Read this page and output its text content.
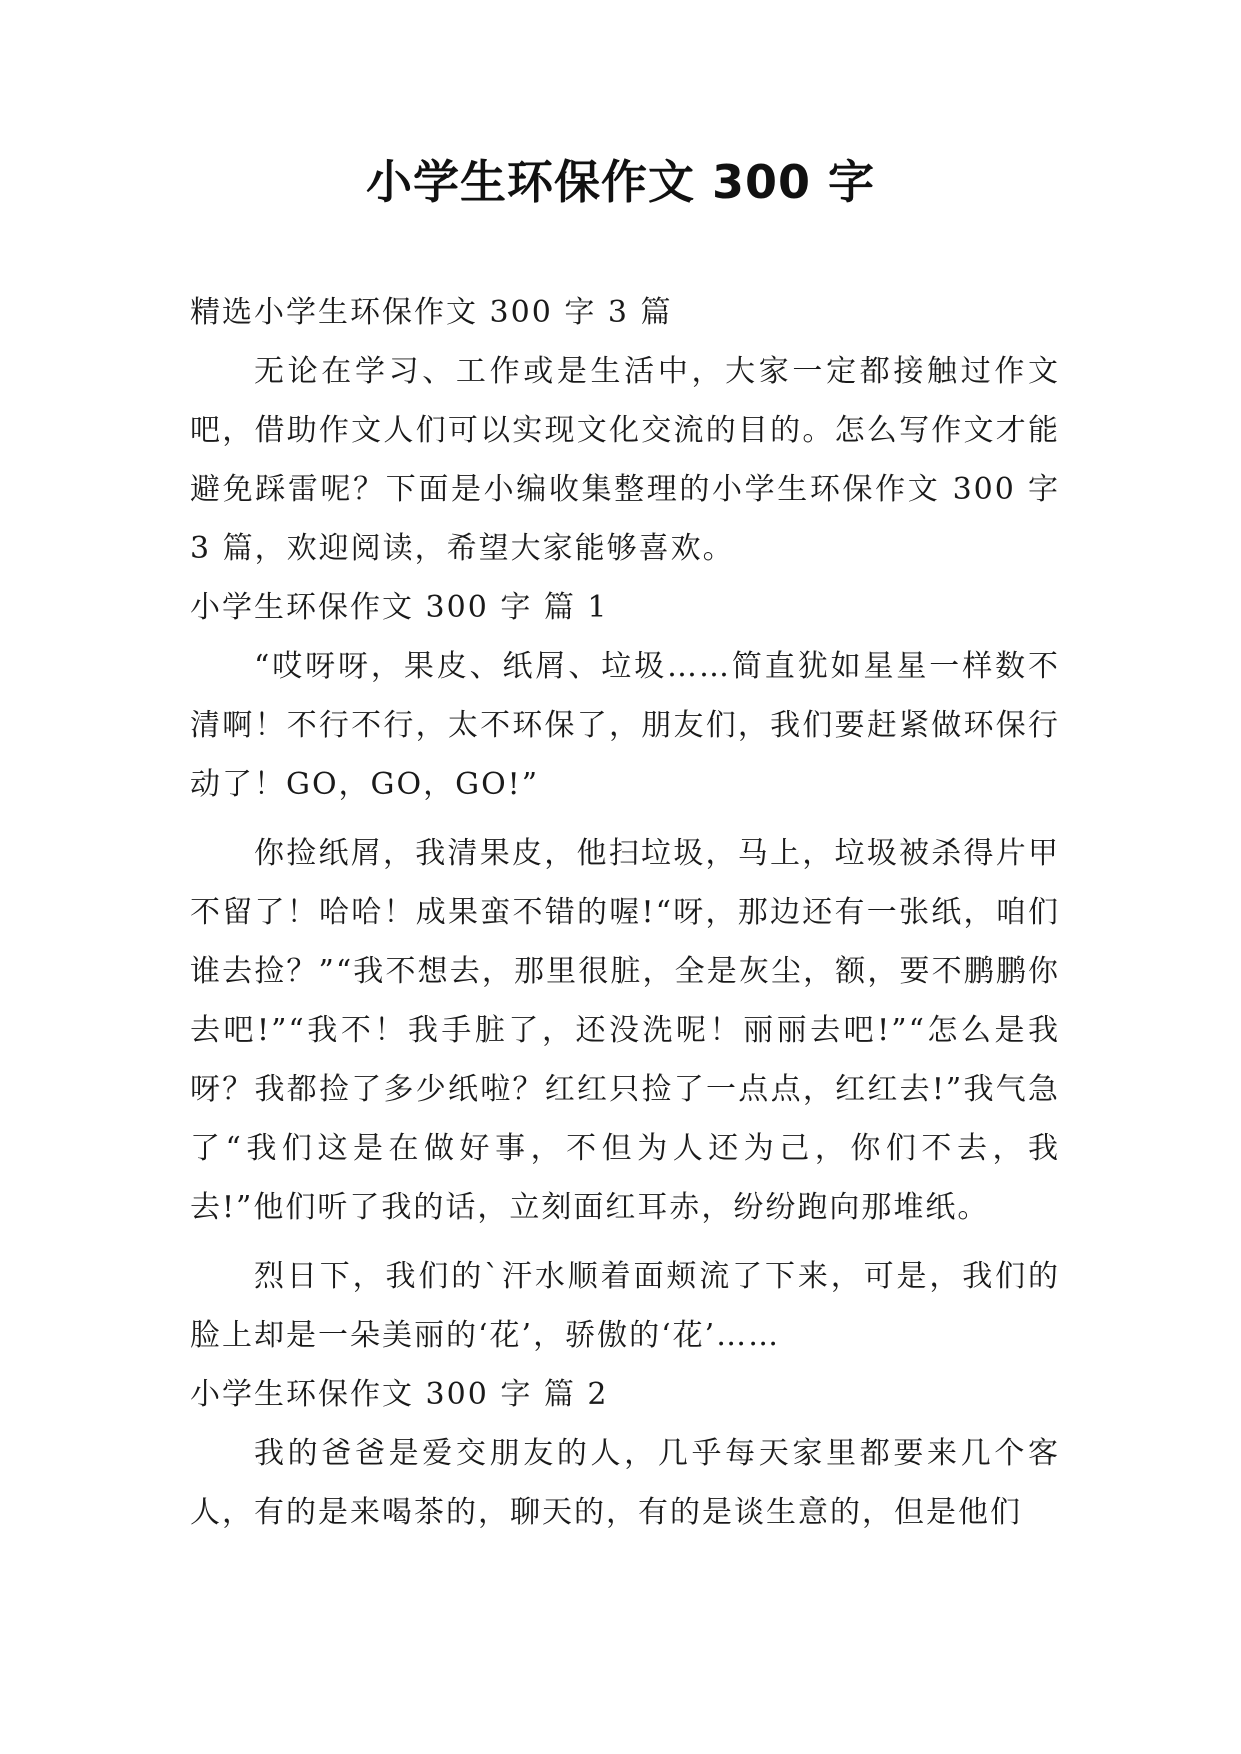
小学生环保作文 300 字

精选小学生环保作文 300 字 3 篇

无论在学习、工作或是生活中，大家一定都接触过作文吧，借助作文人们可以实现文化交流的目的。怎么写作文才能避免踩雷呢？下面是小编收集整理的小学生环保作文 300 字 3 篇，欢迎阅读，希望大家能够喜欢。

小学生环保作文 300 字 篇 1

“哎呀呀，果皮、纸屑、垃圾……简直犹如星星一样数不清啊！不行不行，太不环保了，朋友们，我们要赶紧做环保行动了！GO，GO，GO!”

你捡纸屑，我清果皮，他扫垃圾，马上，垃圾被杀得片甲不留了！哈哈！成果蛮不错的喔!“呀，那边还有一张纸，咱们谁去捡？”“我不想去，那里很脏，全是灰尘，额，要不鹏鹏你去吧!”“我不！我手脏了，还没洗呢！丽丽去吧!”“怎么是我呀？我都捡了多少纸啦？红红只捡了一点点，红红去!”我气急了“我们这是在做好事，不但为人还为己，你们不去，我去!”他们听了我的话，立刻面红耳赤，纷纷跑向那堆纸。

烈日下，我们的`汗水顺着面颊流了下来，可是，我们的脸上却是一朵美丽的‘花’，骄傲的‘花’……

小学生环保作文 300 字 篇 2

我的爸爸是爱交朋友的人，几乎每天家里都要来几个客人，有的是来喝茶的，聊天的，有的是谈生意的，但是他们
